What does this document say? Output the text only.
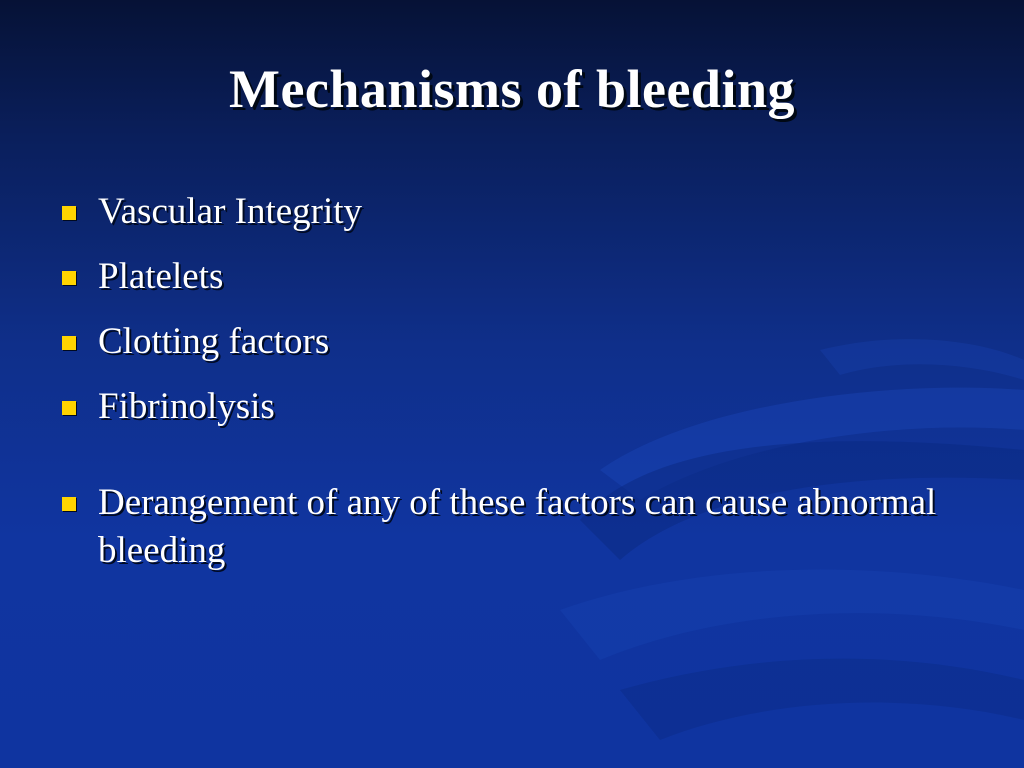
Mechanisms of bleeding
Vascular Integrity
Platelets
Clotting factors
Fibrinolysis
Derangement of any of these factors can cause abnormal bleeding
